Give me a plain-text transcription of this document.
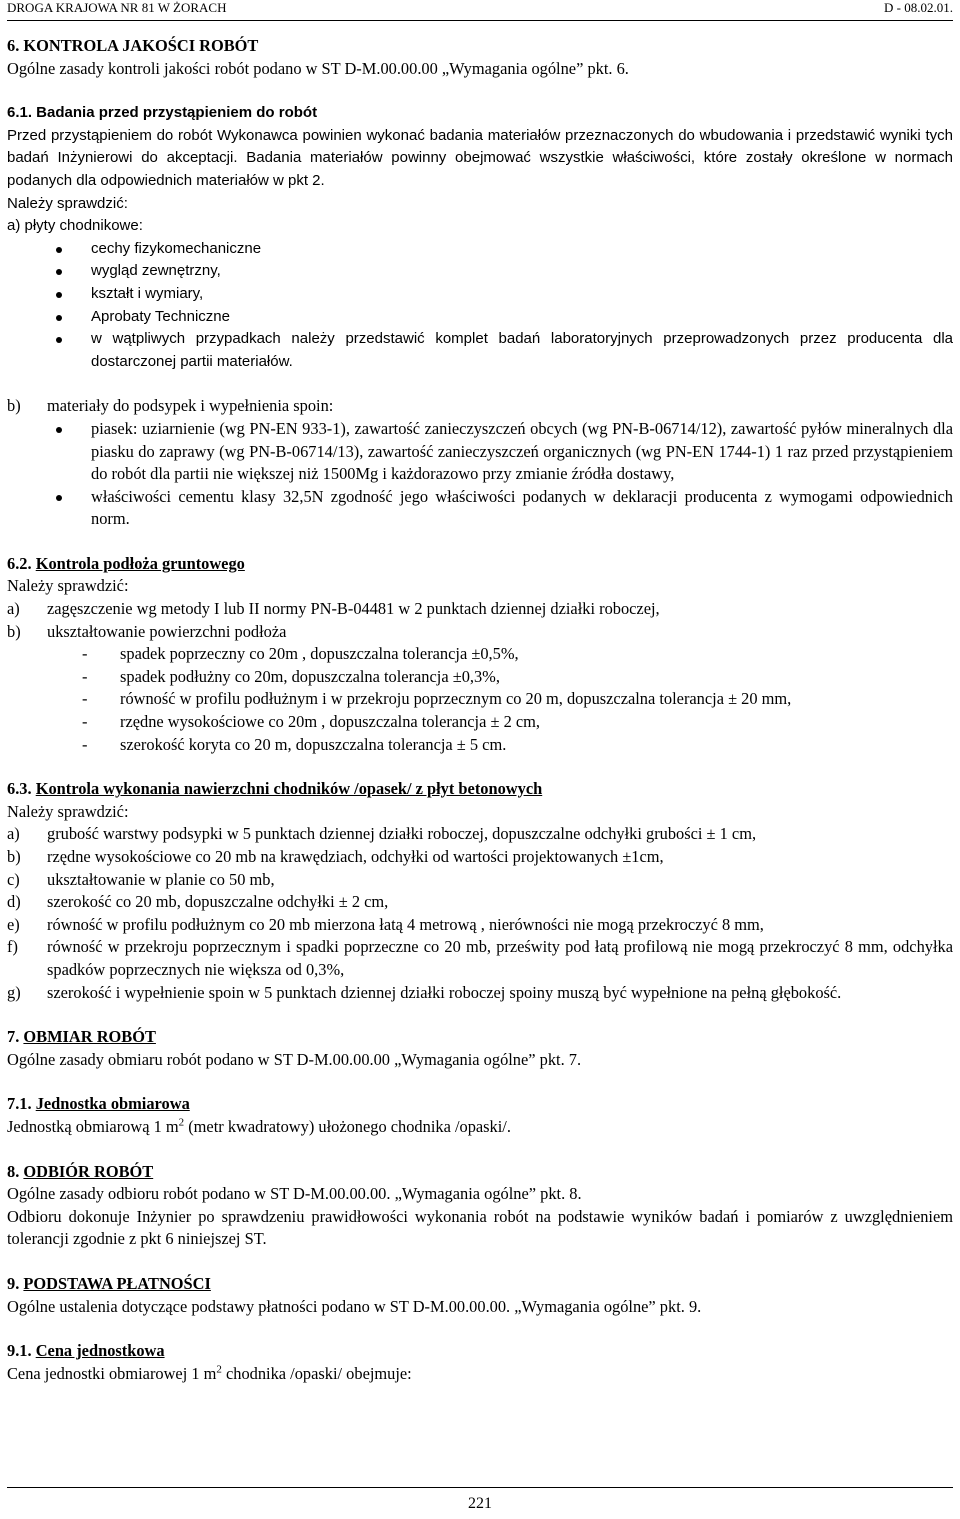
DROGA KRAJOWA NR 81 W ŻORACH	D - 08.02.01.

6. KONTROLA JAKOŚCI ROBÓT

Ogólne zasady kontroli jakości robót podano w ST D-M.00.00.00 „Wymagania ogólne” pkt. 6.

6.1. Badania przed przystąpieniem do robót

Przed przystąpieniem do robót Wykonawca powinien wykonać badania materiałów przeznaczonych do wbudowania i przedstawić wyniki tych badań Inżynierowi do akceptacji. Badania materiałów powinny obejmować wszystkie właściwości, które zostały określone w normach podanych dla odpowiednich materiałów w pkt 2.

Należy sprawdzić:

a) płyty chodnikowe:

cechy fizykomechaniczne
wygląd zewnętrzny,
kształt i wymiary,
Aprobaty Techniczne
w wątpliwych przypadkach należy przedstawić komplet badań laboratoryjnych przeprowadzonych przez producenta dla dostarczonej partii materiałów.
b) materiały do podsypek i wypełnienia spoin:
piasek: uziarnienie (wg PN-EN 933-1), zawartość zanieczyszczeń obcych (wg PN-B-06714/12), zawartość pyłów mineralnych dla piasku do zaprawy (wg PN-B-06714/13), zawartość zanieczyszczeń organicznych (wg PN-EN 1744-1) 1 raz przed przystąpieniem do robót dla partii nie większej niż 1500Mg i każdorazowo przy zmianie źródła dostawy,
właściwości cementu klasy 32,5N zgodność jego właściwości podanych w deklaracji producenta z wymogami odpowiednich norm.

6.2. Kontrola podłoża gruntowego

Należy sprawdzić:

a) zagęszczenie wg metody I lub II normy PN-B-04481 w 2 punktach dziennej działki roboczej,
b) ukształtowanie powierzchni podłoża
- spadek poprzeczny co 20m , dopuszczalna tolerancja ±0,5%,
- spadek podłużny co 20m, dopuszczalna tolerancja ±0,3%,
- równość w profilu podłużnym i w przekroju poprzecznym co 20 m, dopuszczalna tolerancja ± 20 mm,
- rzędne wysokościowe co 20m , dopuszczalna tolerancja ± 2 cm,
- szerokość koryta co 20 m, dopuszczalna tolerancja ± 5 cm.

6.3. Kontrola wykonania nawierzchni chodników /opasek/ z płyt betonowych

Należy sprawdzić:

a) grubość warstwy podsypki w 5 punktach dziennej działki roboczej, dopuszczalne odchyłki grubości ± 1 cm,
b) rzędne wysokościowe co 20 mb na krawędziach, odchyłki od wartości projektowanych ±1cm,
c) ukształtowanie w planie co 50 mb,
d) szerokość co 20 mb, dopuszczalne odchyłki ± 2 cm,
e) równość w profilu podłużnym co 20 mb mierzona łatą 4 metrową , nierówności nie mogą przekroczyć 8 mm,
f) równość w przekroju poprzecznym i spadki poprzeczne co 20 mb, prześwity pod łatą profilową nie mogą przekroczyć 8 mm, odchyłka spadków poprzecznych nie większa od 0,3%,
g) szerokość i wypełnienie spoin w 5 punktach dziennej działki roboczej spoiny muszą być wypełnione na pełną głębokość.

7. OBMIAR ROBÓT

Ogólne zasady obmiaru robót podano w ST D-M.00.00.00 „Wymagania ogólne” pkt. 7.

7.1. Jednostka obmiarowa

Jednostką obmiarową 1 $m^2$ (metr kwadratowy) ułożonego chodnika /opaski/.

8. ODBIÓR ROBÓT

Ogólne zasady odbioru robót podano w ST D-M.00.00.00. „Wymagania ogólne” pkt. 8.

Odbioru dokonuje Inżynier po sprawdzeniu prawidłowości wykonania robót na podstawie wyników badań i pomiarów z uwzględnieniem tolerancji zgodnie z pkt 6 niniejszej ST.

9. PODSTAWA PŁATNOŚCI

Ogólne ustalenia dotyczące podstawy płatności podano w ST D-M.00.00.00. „Wymagania ogólne” pkt. 9.

9.1. Cena jednostkowa

Cena jednostki obmiarowej 1 $m^2$ chodnika /opaski/ obejmuje:

221
